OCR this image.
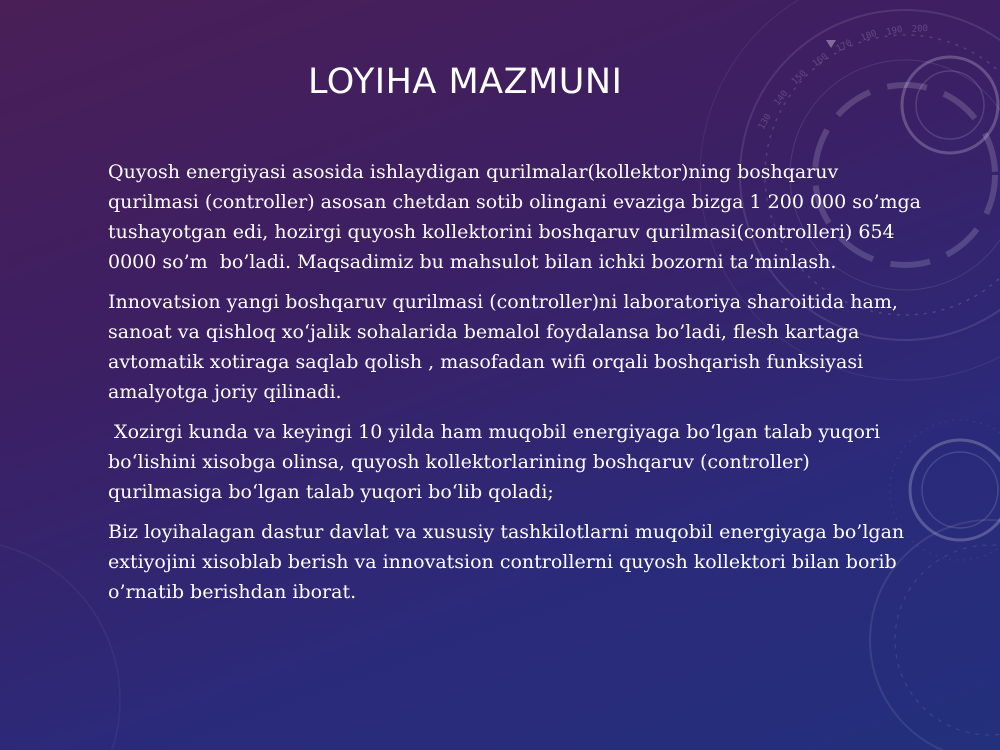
130
140
150
160
170
180 190 200
LOYIHA MAZMUNI

Quyosh energiyasi asosida ishlaydigan qurilmalar(kollektor)ning boshqaruv qurilmasi (controller) asosan chetdan sotib olingani evaziga bizga 1 200 000 so’mga tushayotgan edi, hozirgi quyosh kollektorini boshqaruv qurilmasi(controlleri) 654 0000 so’m  bo’ladi. Maqsadimiz bu mahsulot bilan ichki bozorni ta’minlash.

Innovatsion yangi boshqaruv qurilmasi (controller)ni laboratoriya sharoitida ham, sanoat va qishloq xo‘jalik sohalarida bemalol foydalansa bo’ladi, flesh kartaga avtomatik xotiraga saqlab qolish , masofadan wifi orqali boshqarish funksiyasi amalyotga joriy qilinadi.

Xozirgi kunda va keyingi 10 yilda ham muqobil energiyaga bo‘lgan talab yuqori bo‘lishini xisobga olinsa, quyosh kollektorlarining boshqaruv (controller) qurilmasiga bo‘lgan talab yuqori bo‘lib qoladi;

Biz loyihalagan dastur davlat va xususiy tashkilotlarni muqobil energiyaga bo’lgan extiyojini xisoblab berish va innovatsion controllerni quyosh kollektori bilan borib o’rnatib berishdan iborat.
